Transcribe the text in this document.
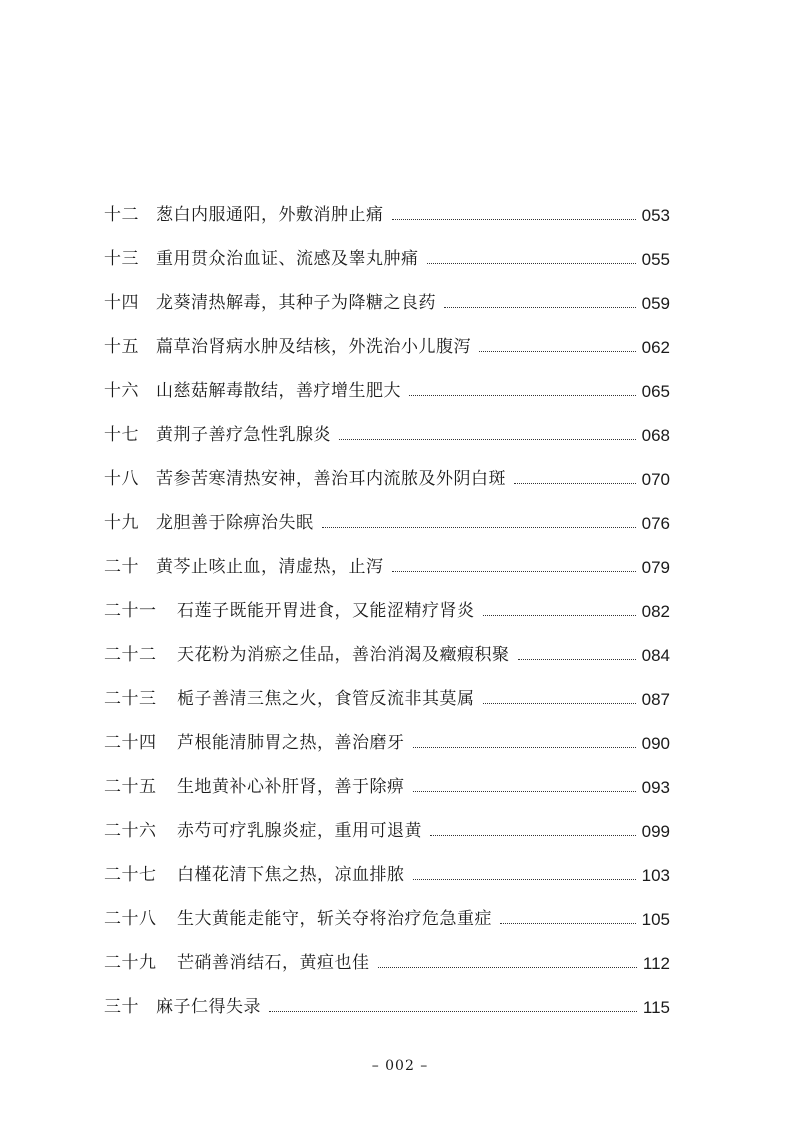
十二	葱白内服通阳，外敷消肿止痛	053
十三	重用贯众治血证、流感及睾丸肿痛	055
十四	龙葵清热解毒，其种子为降糖之良药	059
十五	萹草治肾病水肿及结核，外洗治小儿腹泻	062
十六	山慈菇解毒散结，善疗增生肥大	065
十七	黄荆子善疗急性乳腺炎	068
十八	苦参苦寒清热安神，善治耳内流脓及外阴白斑	070
十九	龙胆善于除痹治失眠	076
二十	黄芩止咳止血，清虚热，止泻	079
二十一	石莲子既能开胃进食，又能涩精疗肾炎	082
二十二	天花粉为消瘀之佳品，善治消渴及癥瘕积聚	084
二十三	栀子善清三焦之火，食管反流非其莫属	087
二十四	芦根能清肺胃之热，善治磨牙	090
二十五	生地黄补心补肝肾，善于除痹	093
二十六	赤芍可疗乳腺炎症，重用可退黄	099
二十七	白槿花清下焦之热，凉血排脓	103
二十八	生大黄能走能守，斩关夺将治疗危急重症	105
二十九	芒硝善消结石，黄疸也佳	112
三十	麻子仁得失录	115
– 002 –
